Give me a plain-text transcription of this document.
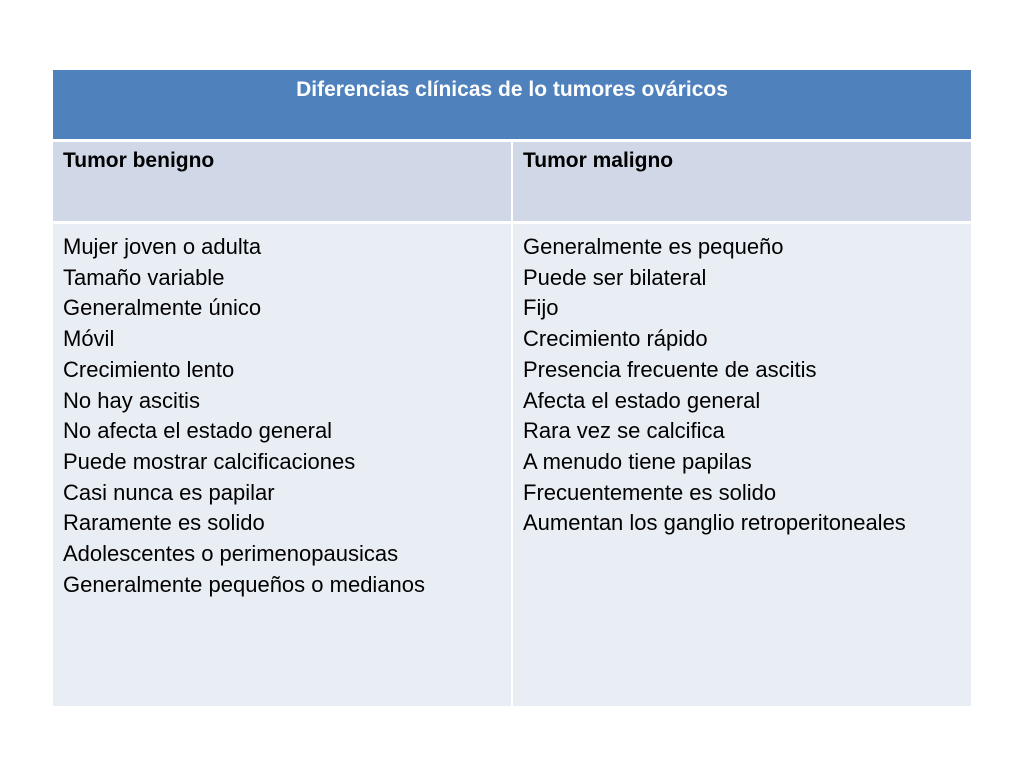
Diferencias clínicas de lo tumores ováricos
Tumor benigno	Tumor maligno
Mujer joven o adulta
Tamaño variable
Generalmente único
Móvil
Crecimiento lento
No hay ascitis
No afecta el estado general
Puede mostrar calcificaciones
Casi nunca es papilar
Raramente es solido
Adolescentes o perimenopausicas
Generalmente pequeños o medianos
Generalmente es pequeño
Puede ser bilateral
Fijo
Crecimiento rápido
Presencia frecuente de ascitis
Afecta el estado general
Rara vez se calcifica
A menudo tiene papilas
Frecuentemente es solido
Aumentan los ganglio retroperitoneales
